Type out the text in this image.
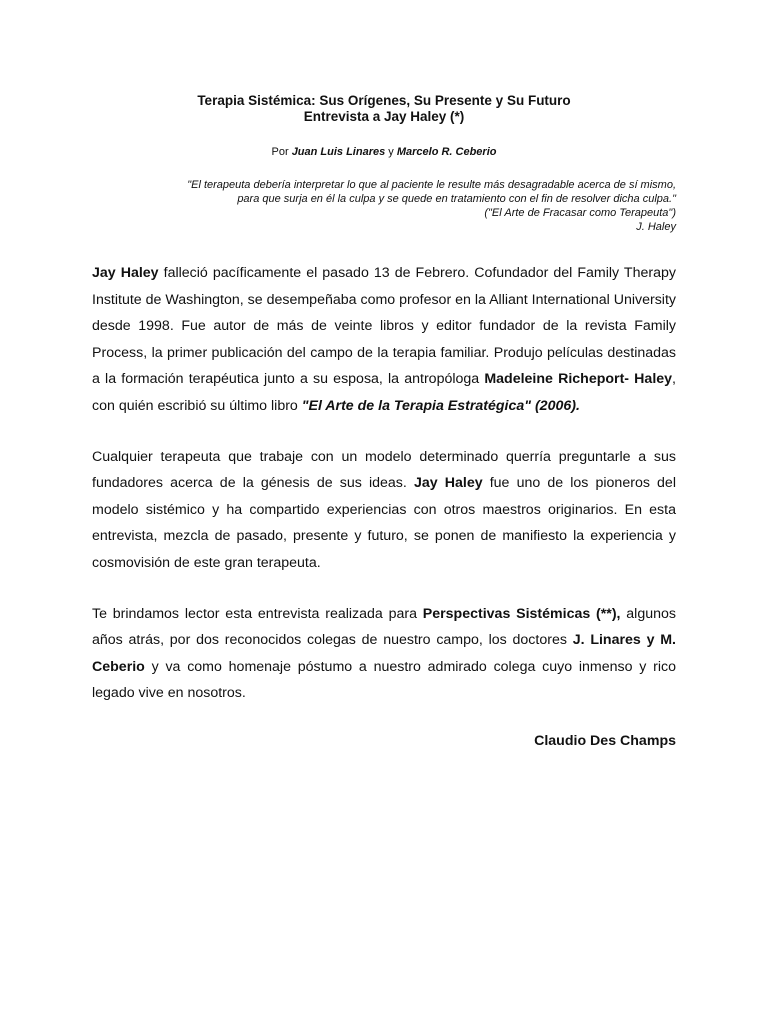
Terapia Sistémica: Sus Orígenes, Su Presente y Su Futuro
Entrevista a Jay Haley (*)

Por Juan Luis Linares y Marcelo R. Ceberio

"El terapeuta debería interpretar lo que al paciente le resulte más desagradable acerca de sí mismo,
para que surja en él la culpa y se quede en tratamiento con el fin de resolver dicha culpa."
("El Arte de Fracasar como Terapeuta")
J. Haley

Jay Haley falleció pacíficamente el pasado 13 de Febrero. Cofundador del Family Therapy Institute de Washington, se desempeñaba como profesor en la Alliant International University desde 1998. Fue autor de más de veinte libros y editor fundador de la revista Family Process, la primer publicación del campo de la terapia familiar. Produjo películas destinadas a la formación terapéutica junto a su esposa, la antropóloga Madeleine Richeport- Haley, con quién escribió su último libro "El Arte de la Terapia Estratégica" (2006).

Cualquier terapeuta que trabaje con un modelo determinado querría preguntarle a sus fundadores acerca de la génesis de sus ideas. Jay Haley fue uno de los pioneros del modelo sistémico y ha compartido experiencias con otros maestros originarios. En esta entrevista, mezcla de pasado, presente y futuro, se ponen de manifiesto la experiencia y cosmovisión de este gran terapeuta.

Te brindamos lector esta entrevista realizada para Perspectivas Sistémicas (**), algunos años atrás, por dos reconocidos colegas de nuestro campo, los doctores J. Linares y M. Ceberio y va como homenaje póstumo a nuestro admirado colega cuyo inmenso y rico legado vive en nosotros.

Claudio Des Champs
